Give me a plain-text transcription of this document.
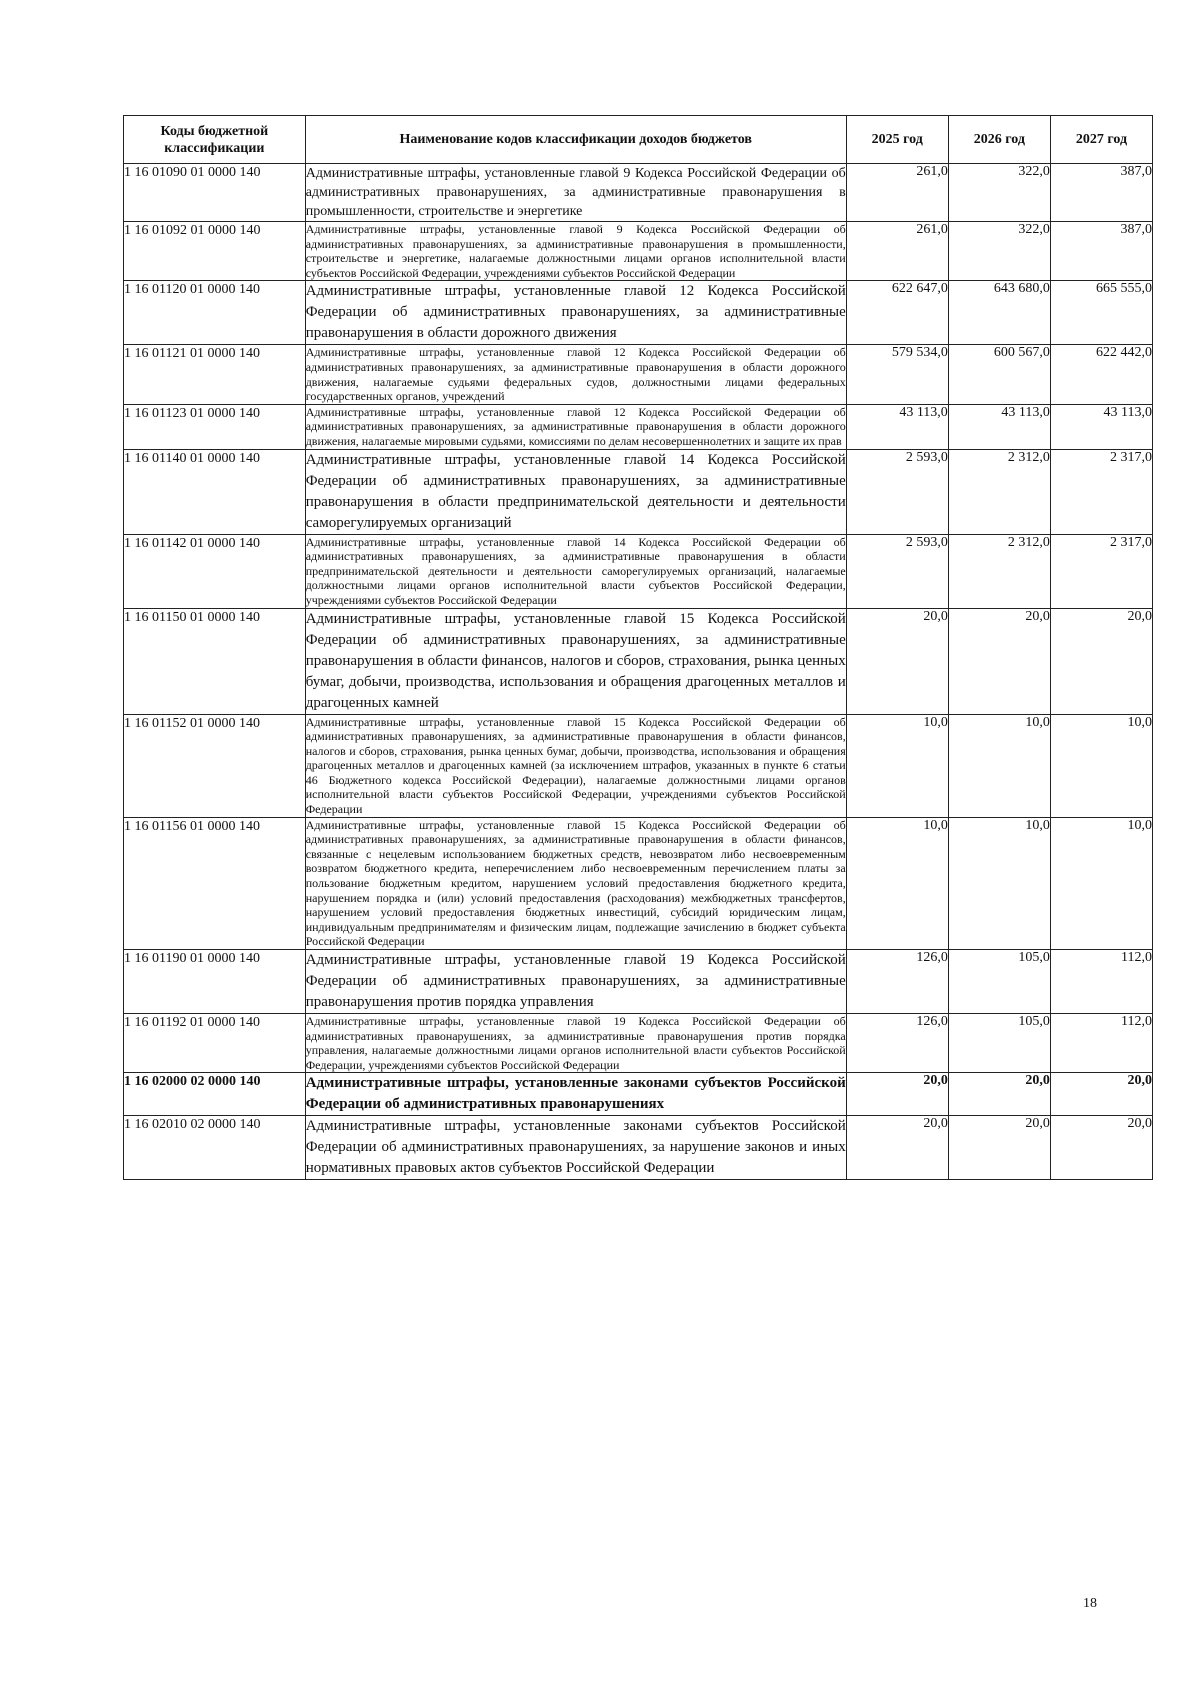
Коды бюджетной классификации	Наименование кодов классификации доходов бюджетов	2025 год	2026 год	2027 год
1 16 01090 01 0000 140	Административные штрафы, установленные главой 9 Кодекса Российской Федерации об административных правонарушениях, за административные правонарушения в промышленности, строительстве и энергетике	261,0	322,0	387,0
1 16 01092 01 0000 140	Административные штрафы, установленные главой 9 Кодекса Российской Федерации об административных правонарушениях, за административные правонарушения в промышленности, строительстве и энергетике, налагаемые должностными лицами органов исполнительной власти субъектов Российской Федерации, учреждениями субъектов Российской Федерации	261,0	322,0	387,0
1 16 01120 01 0000 140	Административные штрафы, установленные главой 12 Кодекса Российской Федерации об административных правонарушениях, за административные правонарушения в области дорожного движения	622 647,0	643 680,0	665 555,0
1 16 01121 01 0000 140	Административные штрафы, установленные главой 12 Кодекса Российской Федерации об административных правонарушениях, за административные правонарушения в области дорожного движения, налагаемые судьями федеральных судов, должностными лицами федеральных государственных органов, учреждений	579 534,0	600 567,0	622 442,0
1 16 01123 01 0000 140	Административные штрафы, установленные главой 12 Кодекса Российской Федерации об административных правонарушениях, за административные правонарушения в области дорожного движения, налагаемые мировыми судьями, комиссиями по делам несовершеннолетних и защите их прав	43 113,0	43 113,0	43 113,0
1 16 01140 01 0000 140	Административные штрафы, установленные главой 14 Кодекса Российской Федерации об административных правонарушениях, за административные правонарушения в области предпринимательской деятельности и деятельности саморегулируемых организаций	2 593,0	2 312,0	2 317,0
1 16 01142 01 0000 140	Административные штрафы, установленные главой 14 Кодекса Российской Федерации об административных правонарушениях, за административные правонарушения в области предпринимательской деятельности и деятельности саморегулируемых организаций, налагаемые должностными лицами органов исполнительной власти субъектов Российской Федерации, учреждениями субъектов Российской Федерации	2 593,0	2 312,0	2 317,0
1 16 01150 01 0000 140	Административные штрафы, установленные главой 15 Кодекса Российской Федерации об административных правонарушениях, за административные правонарушения в области финансов, налогов и сборов, страхования, рынка ценных бумаг, добычи, производства, использования и обращения драгоценных металлов и драгоценных камней	20,0	20,0	20,0
1 16 01152 01 0000 140	Административные штрафы, установленные главой 15 Кодекса Российской Федерации об административных правонарушениях, за административные правонарушения в области финансов, налогов и сборов, страхования, рынка ценных бумаг, добычи, производства, использования и обращения драгоценных металлов и драгоценных камней (за исключением штрафов, указанных в пункте 6 статьи 46 Бюджетного кодекса Российской Федерации), налагаемые должностными лицами органов исполнительной власти субъектов Российской Федерации, учреждениями субъектов Российской Федерации	10,0	10,0	10,0
1 16 01156 01 0000 140	Административные штрафы, установленные главой 15 Кодекса Российской Федерации об административных правонарушениях, за административные правонарушения в области финансов, связанные с нецелевым использованием бюджетных средств, невозвратом либо несвоевременным возвратом бюджетного кредита, неперечислением либо несвоевременным перечислением платы за пользование бюджетным кредитом, нарушением условий предоставления бюджетного кредита, нарушением порядка и (или) условий предоставления (расходования) межбюджетных трансфертов, нарушением условий предоставления бюджетных инвестиций, субсидий юридическим лицам, индивидуальным предпринимателям и физическим лицам, подлежащие зачислению в бюджет субъекта Российской Федерации	10,0	10,0	10,0
1 16 01190 01 0000 140	Административные штрафы, установленные главой 19 Кодекса Российской Федерации об административных правонарушениях, за административные правонарушения против порядка управления	126,0	105,0	112,0
1 16 01192 01 0000 140	Административные штрафы, установленные главой 19 Кодекса Российской Федерации об административных правонарушениях, за административные правонарушения против порядка управления, налагаемые должностными лицами органов исполнительной власти субъектов Российской Федерации, учреждениями субъектов Российской Федерации	126,0	105,0	112,0
1 16 02000 02 0000 140	Административные штрафы, установленные законами субъектов Российской Федерации об административных правонарушениях	20,0	20,0	20,0
1 16 02010 02 0000 140	Административные штрафы, установленные законами субъектов Российской Федерации об административных правонарушениях, за нарушение законов и иных нормативных правовых актов субъектов Российской Федерации	20,0	20,0	20,0
18
